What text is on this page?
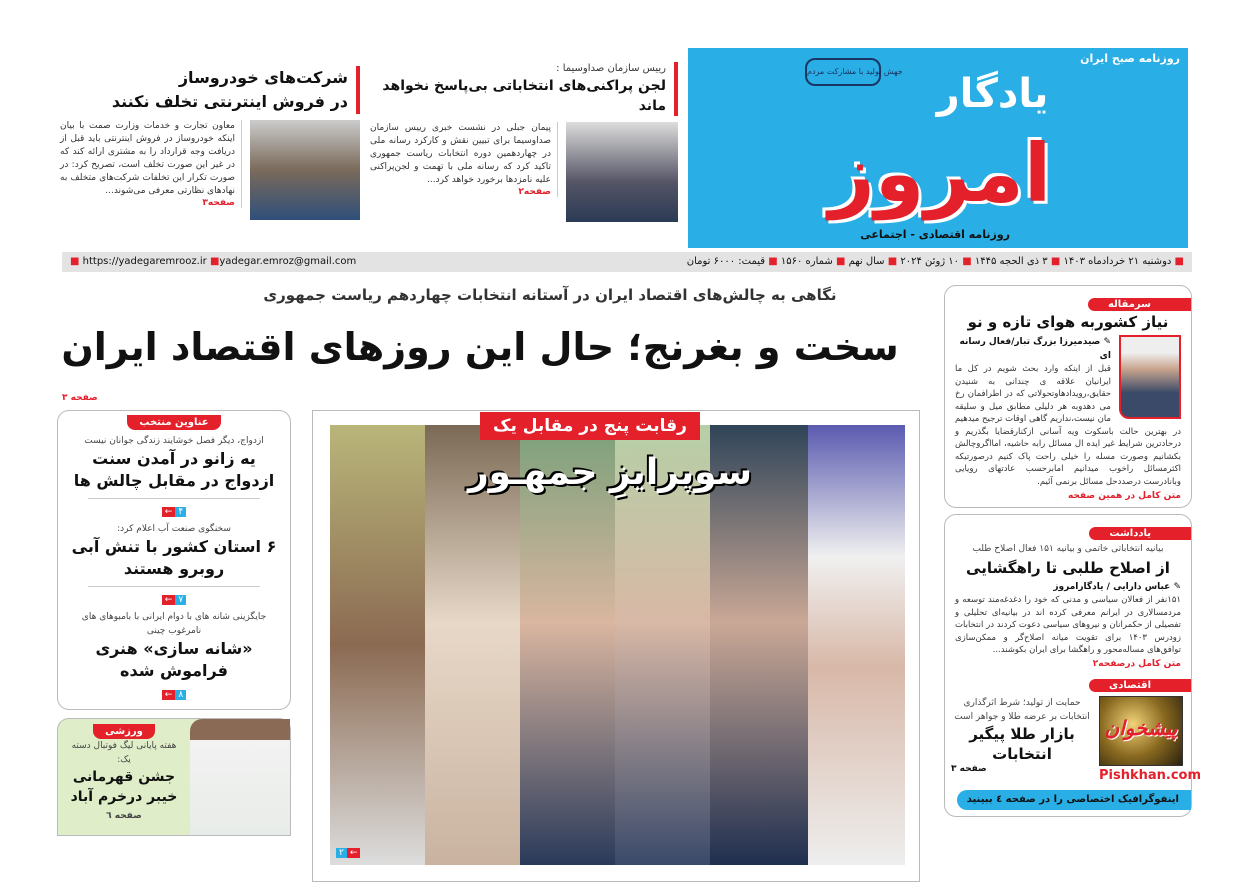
امروز
یادگار
روزنامه صبح ایران
جهش تولید با مشارکت مردم
روزنامه اقتصادی - اجتماعی
رییس سازمان صداوسیما :
لجن پراکنی‌های انتخاباتی بی‌پاسخ نخواهد ماند
پیمان جبلی در نشست خبری رییس سازمان صداوسیما برای تبیین نقش و کارکرد رسانه ملی در چهاردهمین دوره انتخابات ریاست جمهوری تاکید کرد که رسانه ملی با تهمت و لجن‌پراکنی علیه نامزدها برخورد خواهد کرد...
صفحه۲
شرکت‌های خودروساز
در فروش اینترنتی تخلف نکنند
معاون تجارت و خدمات وزارت صمت با بیان اینکه خودروساز در فروش اینترنتی باید قبل از دریافت وجه قرارداد را به مشتری ارائه کند که در غیر این صورت تخلف است، تصریح کرد: در صورت تکرار این تخلفات شرکت‌های متخلف به نهادهای نظارتی معرفی می‌شوند...
صفحه۳
■ https://yadegaremrooz.ir ■yadegar.emroz@gmail.com	■ دوشنبه ۲۱ خردادماه ۱۴۰۳ ■ ۳ ذی الحجه ۱۴۴۵ ■ ۱۰ ژوئن ۲۰۲۴ ■ سال نهم ■ شماره ۱۵۶۰ ■ قیمت: ۶۰۰۰ تومان
نگاهی به چالش‌های اقتصاد ایران در آستانه انتخابات چهاردهم ریاست جمهوری
سخت و بغرنج؛ حال این روزهای اقتصاد ایران
صفحه ۳
رقابت پنج در مقابل یک
سوپرایزِ جمهـور
۲ ←
عناوین منتخب
ازدواج، دیگر فصل خوشایند زندگی جوانان نیست
یه زانو در آمدن سنت ازدواج در مقابل چالش ها
۴←
سخنگوی صنعت آب اعلام کرد:
۶ استان کشور با تنش آبی روبرو هستند
۷←
جایگزینی شانه های با دوام ایرانی با بامبوهای های نامرغوب چینی
«شانه سازی» هنری فراموش شده
۸←
ورزشی
هفته پایانی لیگ فوتبال دسته یک:
جشن قهرمانی خیبر درخرم آباد
صفحه ٦
سرمقاله
نیاز کشوربه هوای تازه و نو
✎ صیدمیرزا بزرگ تبار/فعال رسانه ای
قبل از اینکه وارد بحث شویم در کل ما ایرانیان علاقه ی چندانی به شنیدن حقایق،رویدادهاوتحولاتی که در اطرافمان رخ می دهدوبه هر دلیلی مطابق میل و سلیقه مان نیست،نداریم گاهی اوقات ترجیح میدهیم در بهترین حالت باسکوت ویه آسانی ازکنارقضایا بگذریم و درحادترین شرایط غیر ایده ال مسائل رابه حاشیه، امااگروچالش بکشانیم وصورت مسله را خیلی راحت پاک کنیم درصورتیکه اکثرمسائل راخوب میدانیم امابرحسب عادتهای رویایی وبانادرست درصددحل مسائل برنمی آئیم.
متن کامل در همین صفحه
یادداشت
بیانیه انتخاباتی خاتمی و بیانیه ۱۵۱ فعال اصلاح طلب
از اصلاح طلبی تا راهگشایی
✎ عباس دارایی / یادگارامروز
۱۵۱نفر از فعالان سیاسی و مدنی که خود را دغدغه‌مند توسعه و مردمسالاری در ایرانم معرفی کرده اند در بیانیه‌ای تحلیلی و تفصیلی از حکمرانان و نیروهای سیاسی دعوت کردند در انتخابات زودرس ۱۴۰۳ برای تقویت میانه اصلاح‌گر و ممکن‌سازی توافق‌های مساله‌محور و راهگشا برای ایران بکوشند...
متن کامل درصفحه۲
اقتصادی
حمایت از تولید؛ شرط اثرگذاری انتخابات بر عرضه طلا و جواهر است
بازار طلا پیگیر انتخابات
صفحه ۳	Pishkhan.com
پیشخوان
اینفوگرافیک اختصاصی را در صفحه ٤ ببینید
